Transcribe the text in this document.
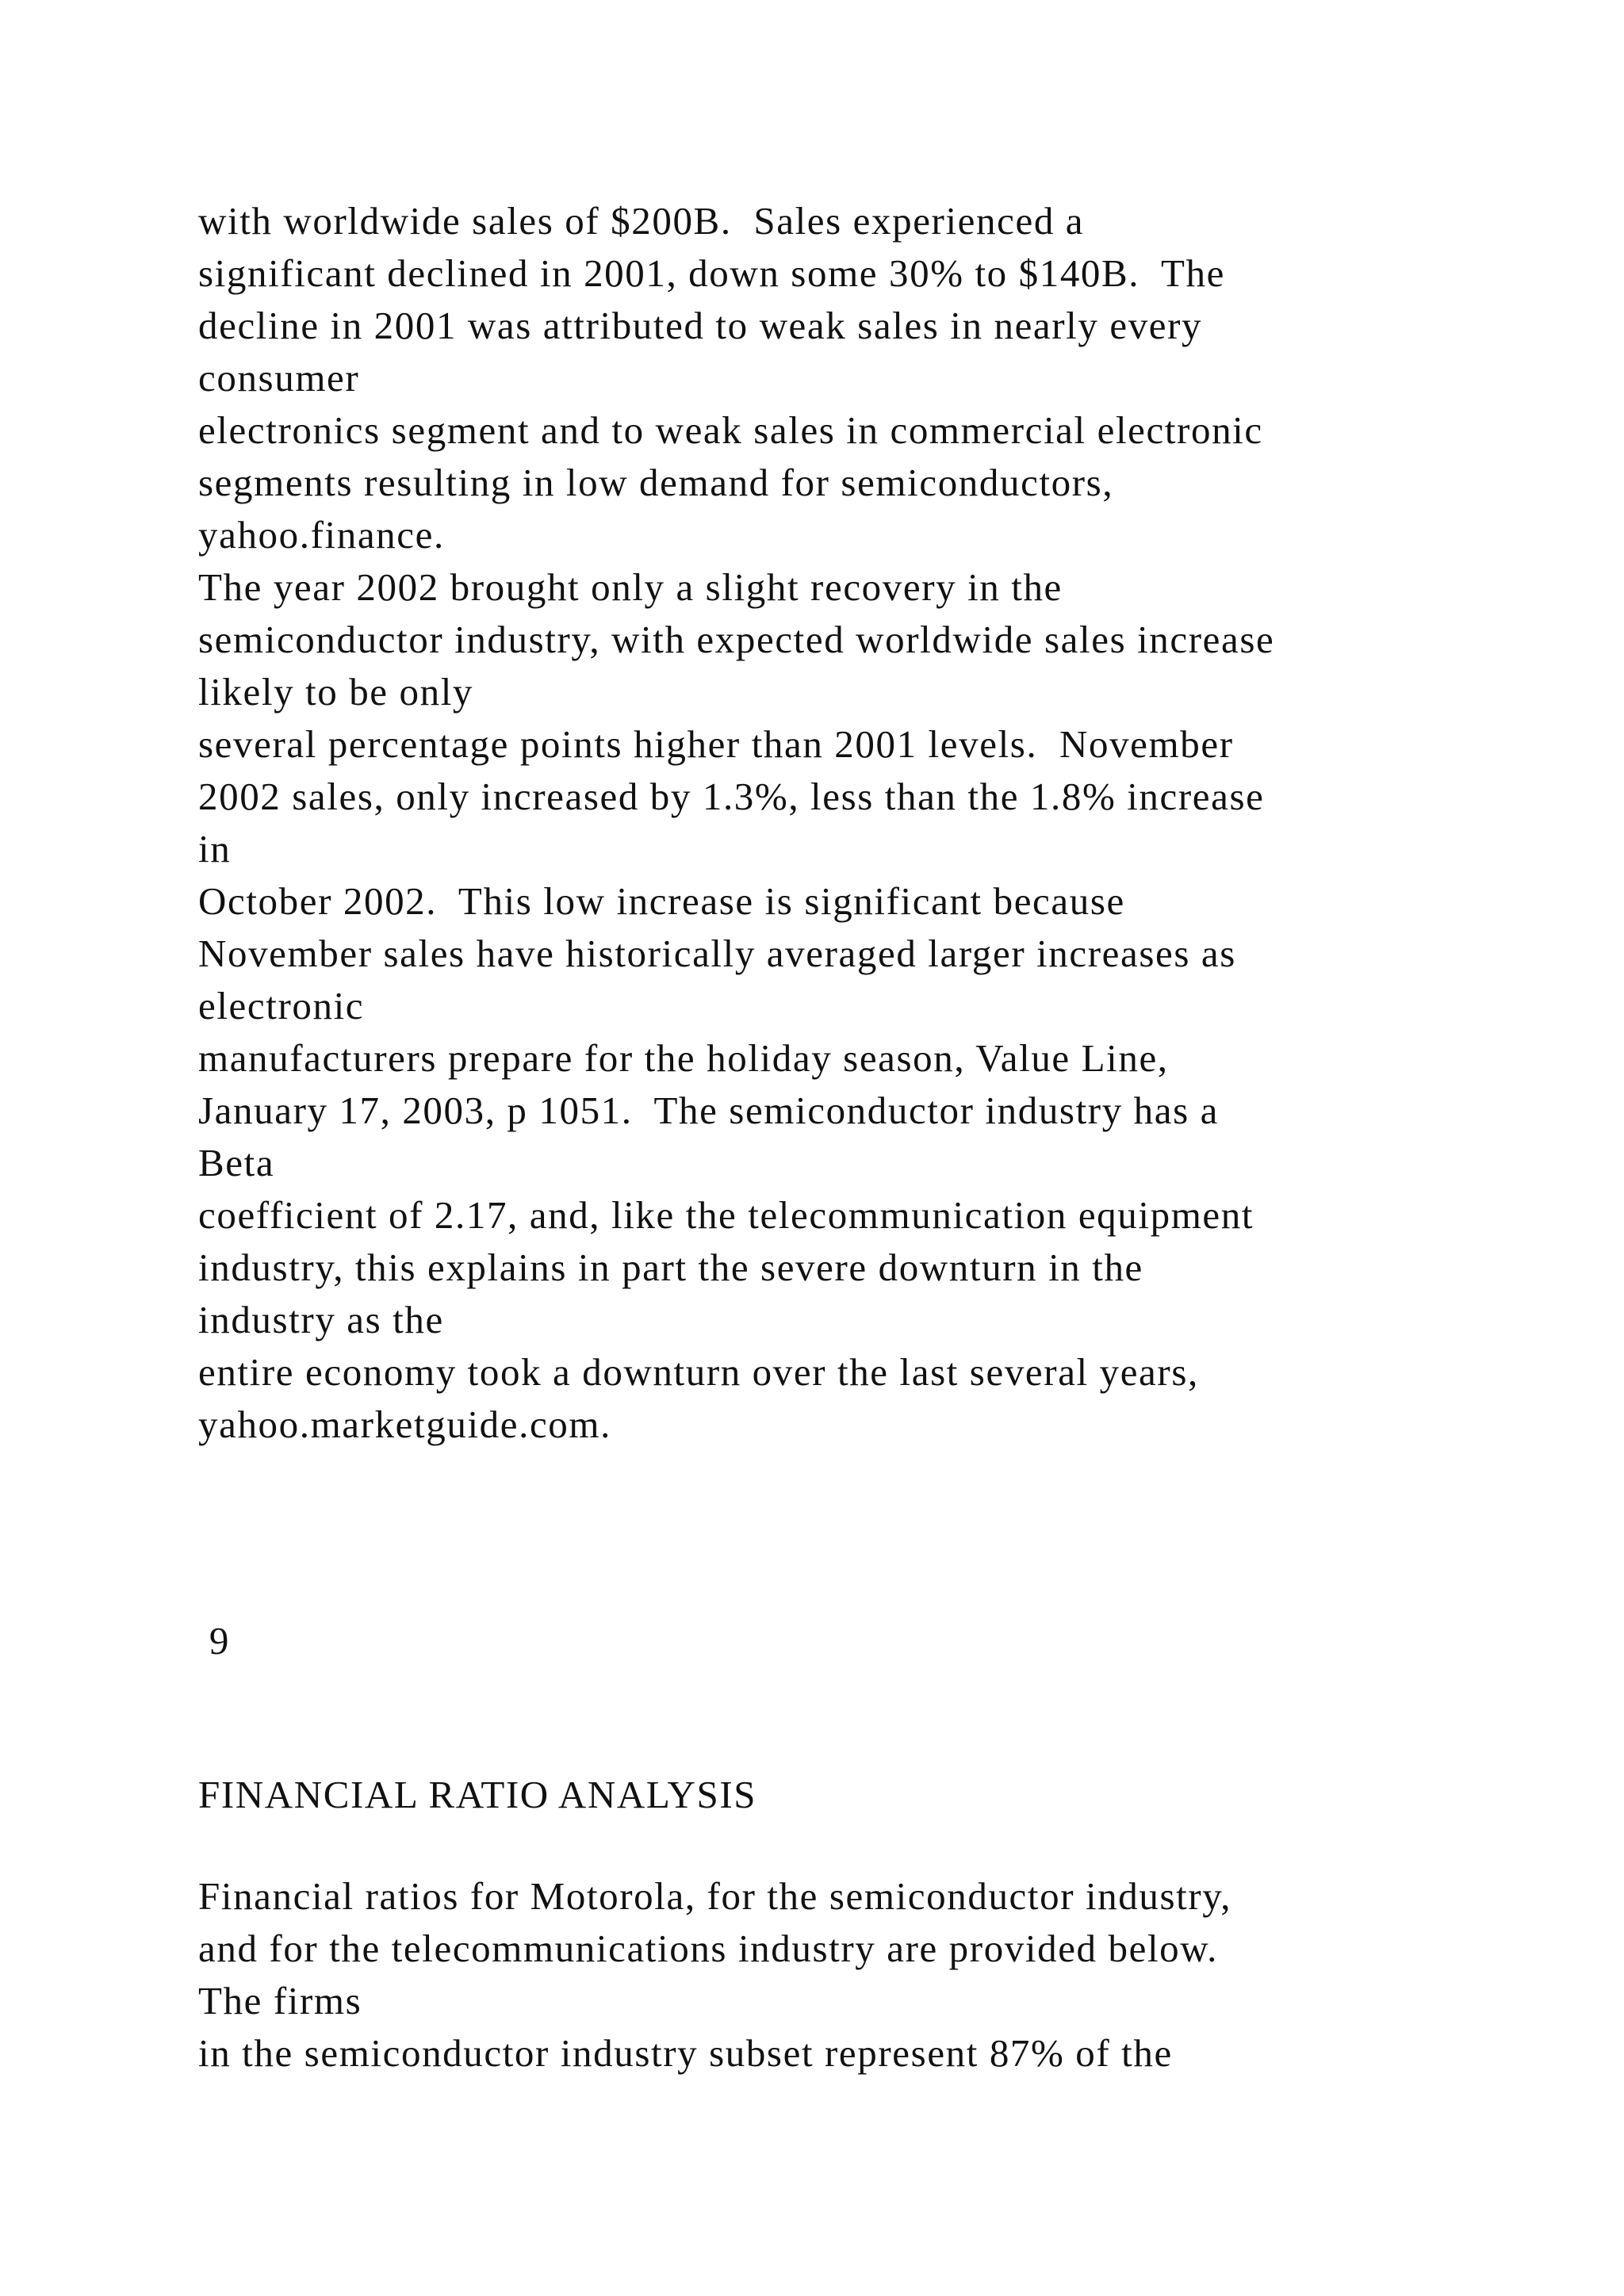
with worldwide sales of $200B.  Sales experienced a

significant declined in 2001, down some 30% to $140B.  The

decline in 2001 was attributed to weak sales in nearly every

consumer

electronics segment and to weak sales in commercial electronic

segments resulting in low demand for semiconductors,

yahoo.finance.

The year 2002 brought only a slight recovery in the

semiconductor industry, with expected worldwide sales increase

likely to be only

several percentage points higher than 2001 levels.  November

2002 sales, only increased by 1.3%, less than the 1.8% increase

in

October 2002.  This low increase is significant because

November sales have historically averaged larger increases as

electronic

manufacturers prepare for the holiday season, Value Line,

January 17, 2003, p 1051.  The semiconductor industry has a

Beta

coefficient of 2.17, and, like the telecommunication equipment

industry, this explains in part the severe downturn in the

industry as the

entire economy took a downturn over the last several years,

yahoo.marketguide.com.

9

FINANCIAL RATIO ANALYSIS

Financial ratios for Motorola, for the semiconductor industry,

and for the telecommunications industry are provided below.

The firms

in the semiconductor industry subset represent 87% of the
